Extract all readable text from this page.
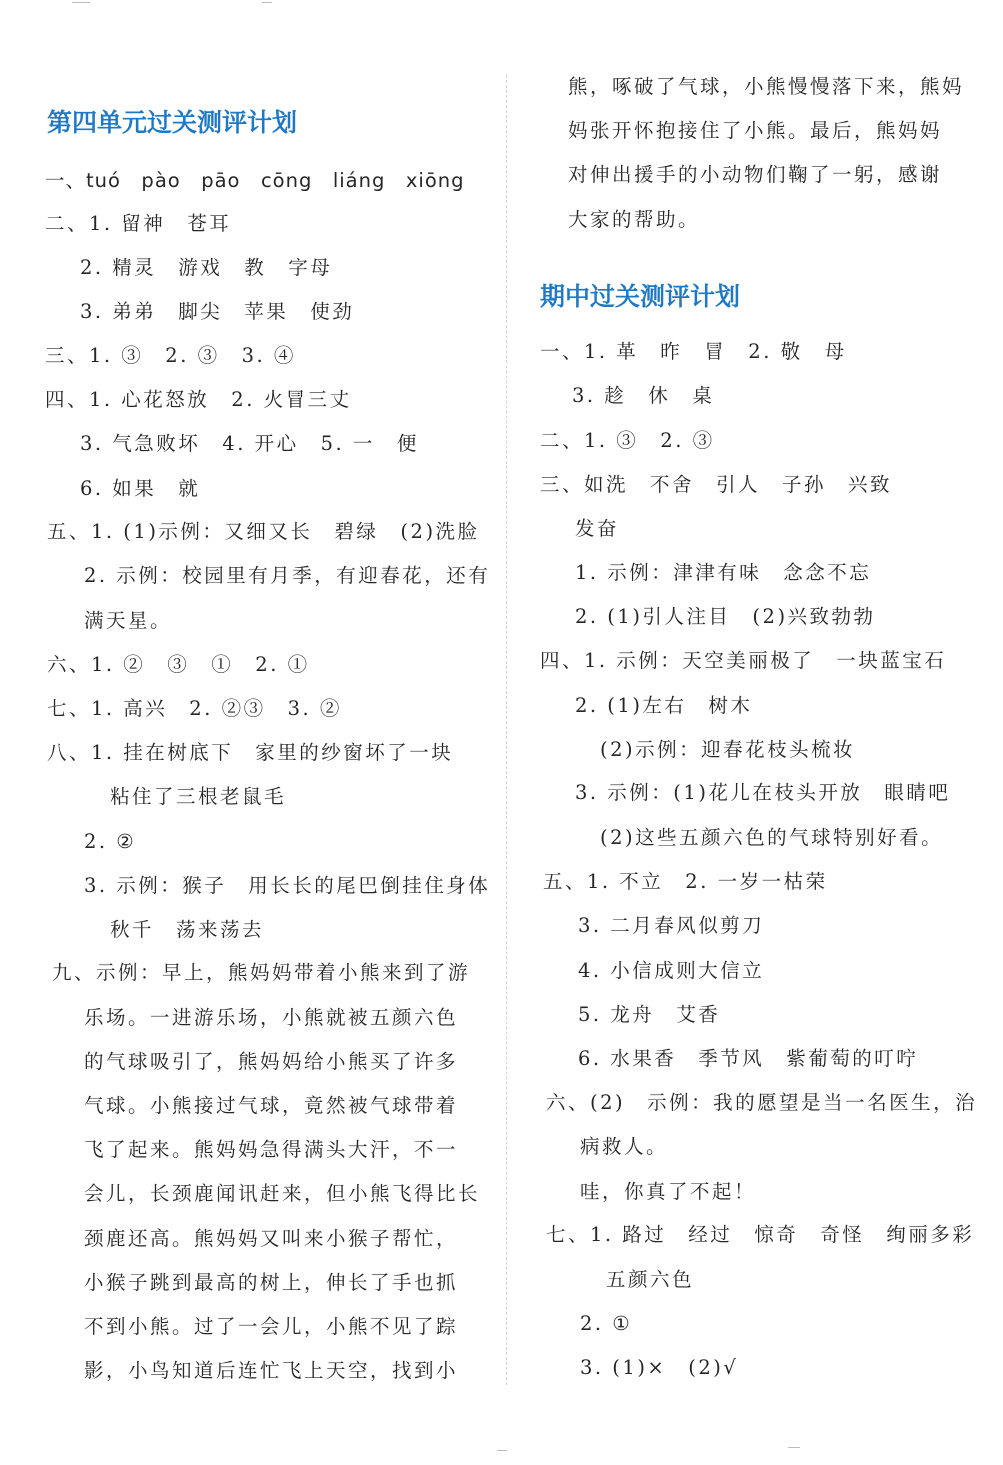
第四单元过关测评计划
一、tuó　pào　pāo　cōng　liáng　xiōng
二、1. 留神　苍耳
2. 精灵　游戏　教　字母
3. 弟弟　脚尖　苹果　使劲
三、1. ③　2. ③　3. ④
四、1. 心花怒放　2. 火冒三丈
3. 气急败坏　4. 开心　5. 一　便
6. 如果　就
五、1. (1)示例：又细又长　碧绿　(2)洗脸
2. 示例：校园里有月季，有迎春花，还有
满天星。
六、1. ②　③　①　2. ①
七、1. 高兴　2. ②③　3. ②
八、1. 挂在树底下　家里的纱窗坏了一块
粘住了三根老鼠毛
2. ②
3. 示例：猴子　用长长的尾巴倒挂住身体
秋千　荡来荡去
九、示例：早上，熊妈妈带着小熊来到了游
乐场。一进游乐场，小熊就被五颜六色
的气球吸引了，熊妈妈给小熊买了许多
气球。小熊接过气球，竟然被气球带着
飞了起来。熊妈妈急得满头大汗，不一
会儿，长颈鹿闻讯赶来，但小熊飞得比长
颈鹿还高。熊妈妈又叫来小猴子帮忙，
小猴子跳到最高的树上，伸长了手也抓
不到小熊。过了一会儿，小熊不见了踪
影，小鸟知道后连忙飞上天空，找到小
熊，啄破了气球，小熊慢慢落下来，熊妈
妈张开怀抱接住了小熊。最后，熊妈妈
对伸出援手的小动物们鞠了一躬，感谢
大家的帮助。
期中过关测评计划
一、1. 革　昨　冒　2. 敬　母
3. 趁　休　桌
二、1. ③　2. ③
三、如洗　不舍　引人　子孙　兴致
发奋
1. 示例：津津有味　念念不忘
2. (1)引人注目　(2)兴致勃勃
四、1. 示例：天空美丽极了　一块蓝宝石
2. (1)左右　树木
(2)示例：迎春花枝头梳妆
3. 示例：(1)花儿在枝头开放　眼睛吧
(2)这些五颜六色的气球特别好看。
五、1. 不立　2. 一岁一枯荣
3. 二月春风似剪刀
4. 小信成则大信立
5. 龙舟　艾香
6. 水果香　季节风　紫葡萄的叮咛
六、(2)　示例：我的愿望是当一名医生，治
病救人。
哇，你真了不起！
七、1. 路过　经过　惊奇　奇怪　绚丽多彩
五颜六色
2. ①
3. (1)×　(2)√
